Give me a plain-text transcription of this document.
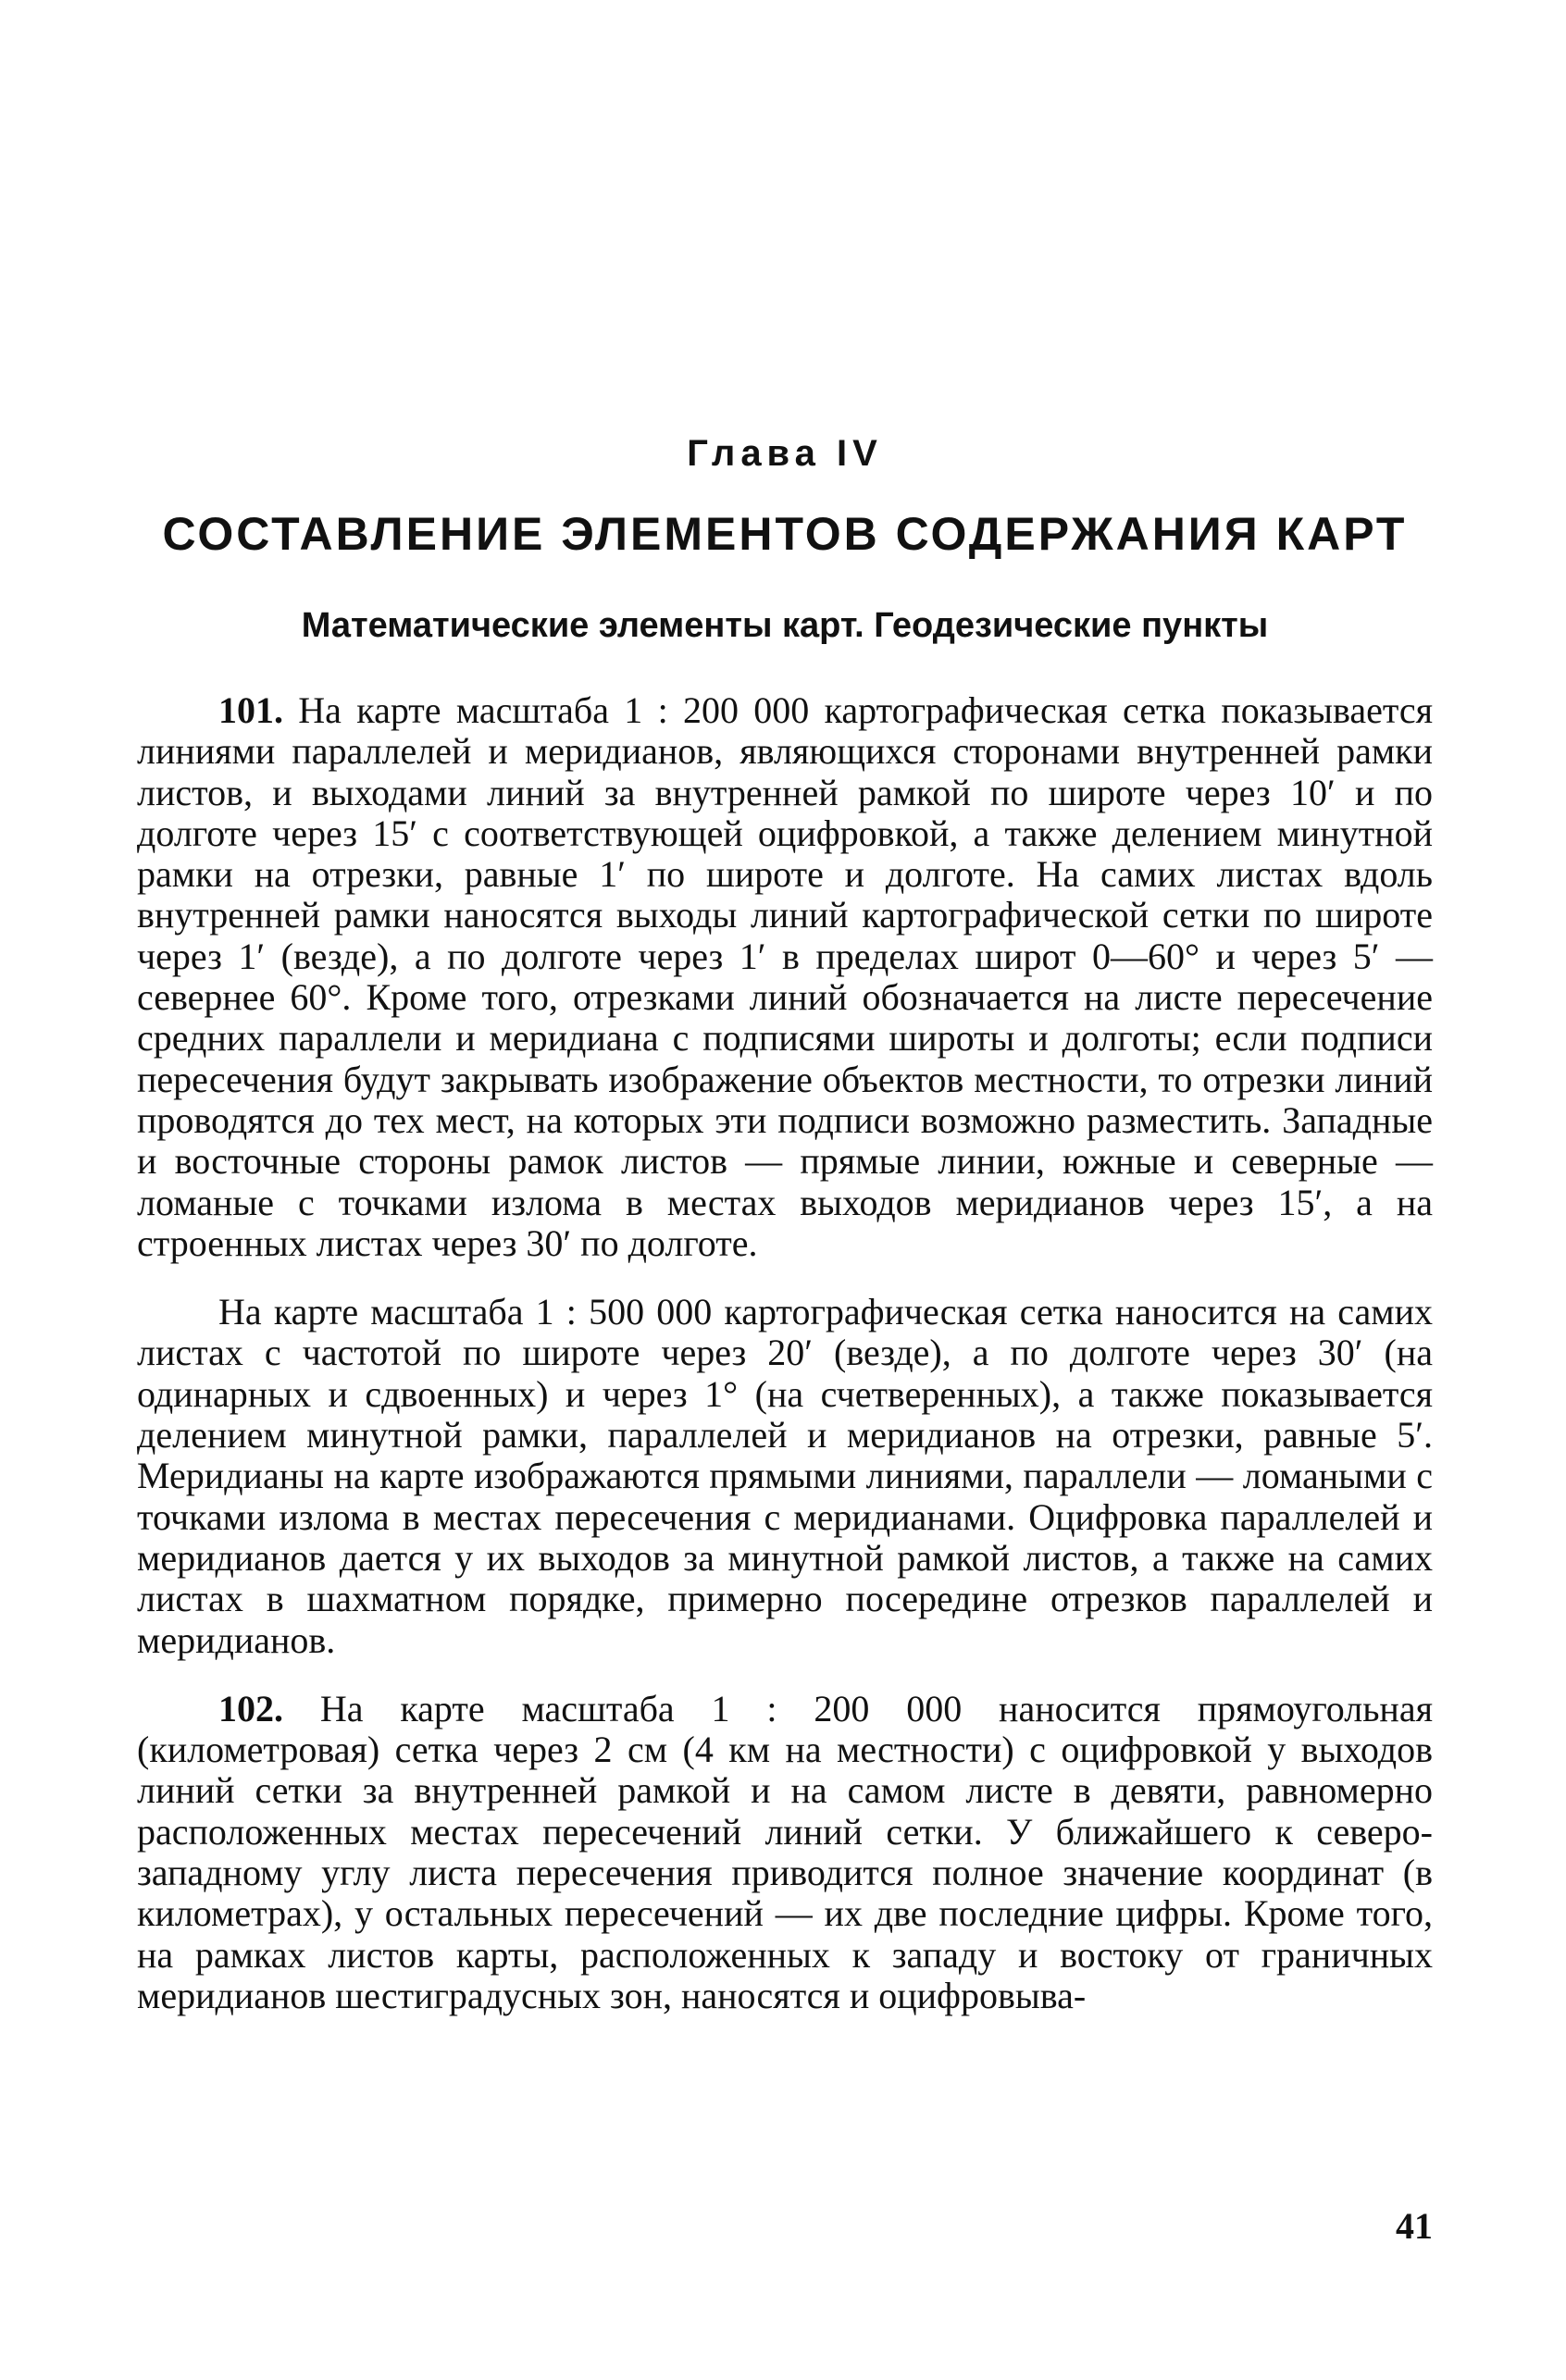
Глава IV
СОСТАВЛЕНИЕ ЭЛЕМЕНТОВ СОДЕРЖАНИЯ КАРТ
Математические элементы карт. Геодезические пункты

101. На карте масштаба 1 : 200 000 картографическая сетка показывается линиями параллелей и меридианов, являющихся сторонами внутренней рамки листов, и выходами линий за внутренней рамкой по широте через 10′ и по долготе через 15′ с соответствующей оцифровкой, а также делением минутной рамки на отрезки, равные 1′ по широте и долготе. На самих листах вдоль внутренней рамки наносятся выходы линий картографической сетки по широте через 1′ (везде), а по долготе через 1′ в пределах широт 0—60° и через 5′ — севернее 60°. Кроме того, отрезками линий обозначается на листе пересечение средних параллели и меридиана с подписями широты и долготы; если подписи пересечения будут закрывать изображение объектов местности, то отрезки линий проводятся до тех мест, на которых эти подписи возможно разместить. Западные и восточные стороны рамок листов — прямые линии, южные и северные — ломаные с точками излома в местах выходов меридианов через 15′, а на строенных листах через 30′ по долготе.

На карте масштаба 1 : 500 000 картографическая сетка наносится на самих листах с частотой по широте через 20′ (везде), а по долготе через 30′ (на одинарных и сдвоенных) и через 1° (на счетверенных), а также показывается делением минутной рамки, параллелей и меридианов на отрезки, равные 5′. Меридианы на карте изображаются прямыми линиями, параллели — ломаными с точками излома в местах пересечения с меридианами. Оцифровка параллелей и меридианов дается у их выходов за минутной рамкой листов, а также на самих листах в шахматном порядке, примерно посередине отрезков параллелей и меридианов.

102. На карте масштаба 1 : 200 000 наносится прямоугольная (километровая) сетка через 2 см (4 км на местности) с оцифровкой у выходов линий сетки за внутренней рамкой и на самом листе в девяти, равномерно расположенных местах пересечений линий сетки. У ближайшего к северо-западному углу листа пересечения приводится полное значение координат (в километрах), у остальных пересечений — их две последние цифры. Кроме того, на рамках листов карты, расположенных к западу и востоку от граничных меридианов шестиградусных зон, наносятся и оцифровыва-

41
